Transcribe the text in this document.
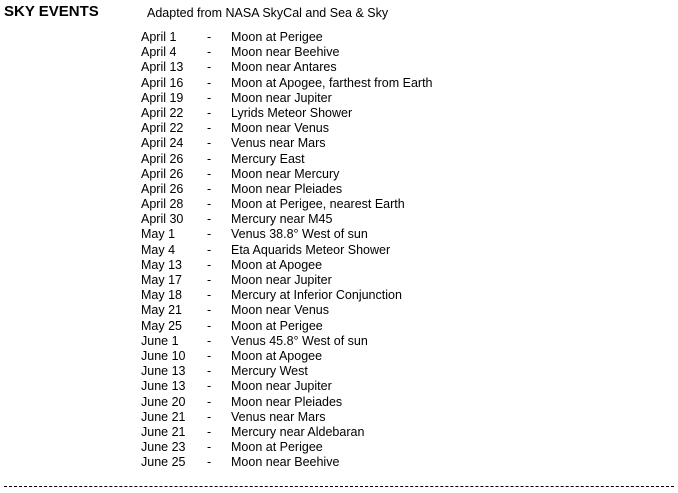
SKY EVENTS	Adapted from NASA SkyCal and Sea & Sky
April 1 - Moon at Perigee
April 4 - Moon near Beehive
April 13 - Moon near Antares
April 16 - Moon at Apogee, farthest from Earth
April 19 - Moon near Jupiter
April 22 - Lyrids Meteor Shower
April 22 - Moon near Venus
April 24 - Venus near Mars
April 26 - Mercury East
April 26 - Moon near Mercury
April 26 - Moon near Pleiades
April 28 - Moon at Perigee, nearest Earth
April 30 - Mercury near M45
May 1	- Venus 38.8° West of sun
May 4	- Eta Aquarids Meteor Shower
May 13 - Moon at Apogee
May 17 - Moon near Jupiter
May 18 - Mercury at Inferior Conjunction
May 21 - Moon near Venus
May 25 - Moon at Perigee
June 1 - Venus 45.8° West of sun
June 10 - Moon at Apogee
June 13 - Mercury West
June 13 - Moon near Jupiter
June 20 - Moon near Pleiades
June 21 - Venus near Mars
June 21 - Mercury near Aldebaran
June 23 - Moon at Perigee
June 25 - Moon near Beehive
